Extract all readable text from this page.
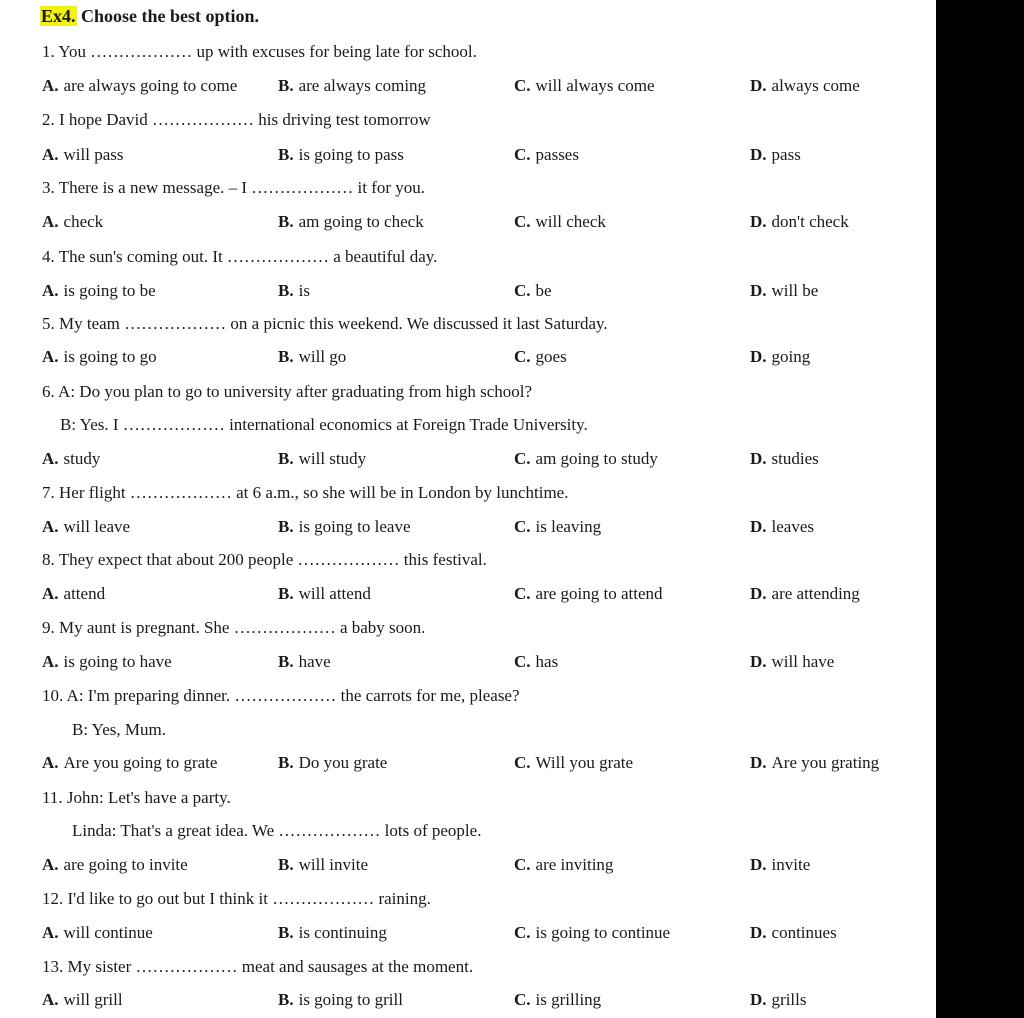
Ex4. Choose the best option.
1. You ……………… up with excuses for being late for school.
A. are always going to come B. are always coming	C. will always come	D. always come
2. I hope David ……………… his driving test tomorrow
A. will pass	B. is going to pass	C. passes	D. pass
3. There is a new message. – I ……………… it for you.
A. check	B. am going to check	C. will check	D. don't check
4. The sun's coming out. It ……………… a beautiful day.
A. is going to be	B. is	C. be	D. will be
5. My team ……………… on a picnic this weekend. We discussed it last Saturday.
A. is going to go	B. will go	C. goes	D. going
6. A: Do you plan to go to university after graduating from high school?
B: Yes. I ……………… international economics at Foreign Trade University.
A. study	B. will study	C. am going to study	D. studies
7. Her flight ……………… at 6 a.m., so she will be in London by lunchtime.
A. will leave	B. is going to leave	C. is leaving	D. leaves
8. They expect that about 200 people ……………… this festival.
A. attend	B. will attend	C. are going to attend	D. are attending
9. My aunt is pregnant. She ……………… a baby soon.
A. is going to have	B. have	C. has	D. will have
10. A: I'm preparing dinner. ……………… the carrots for me, please?
B: Yes, Mum.
A. Are you going to grate	B. Do you grate	C. Will you grate	D. Are you grating
11. John: Let's have a party.
Linda: That's a great idea. We ……………… lots of people.
A. are going to invite	B. will invite	C. are inviting	D. invite
12. I'd like to go out but I think it ……………… raining.
A. will continue	B. is continuing	C. is going to continue	D. continues
13. My sister ……………… meat and sausages at the moment.
A. will grill	B. is going to grill	C. is grilling	D. grills
